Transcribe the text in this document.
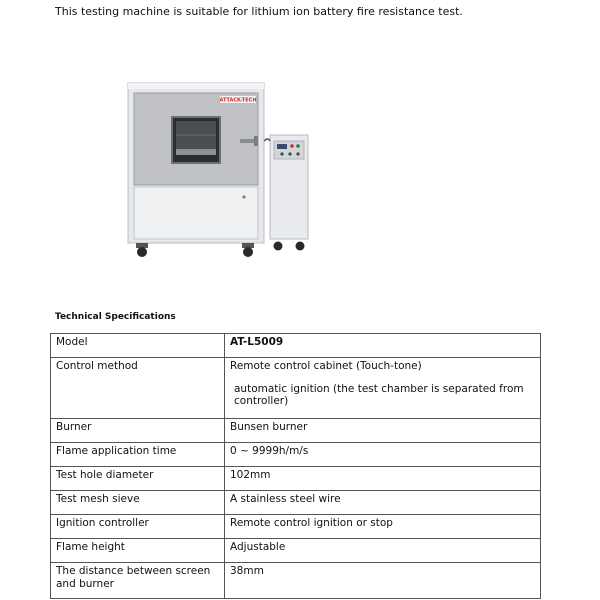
This testing machine is suitable for lithium ion battery fire resistance test.
ATTACK-TECH
Technical Specifications
Model	AT-L5009
Control method	Remote control cabinet (Touch-tone)
automatic ignition (the test chamber is separated from controller)

Burner	Bunsen burner
Flame application time	0 ~ 9999h/m/s
Test hole diameter	102mm
Test mesh sieve	A stainless steel wire
Ignition controller	Remote control ignition or stop
Flame height	Adjustable
The distance between screen and burner	38mm
